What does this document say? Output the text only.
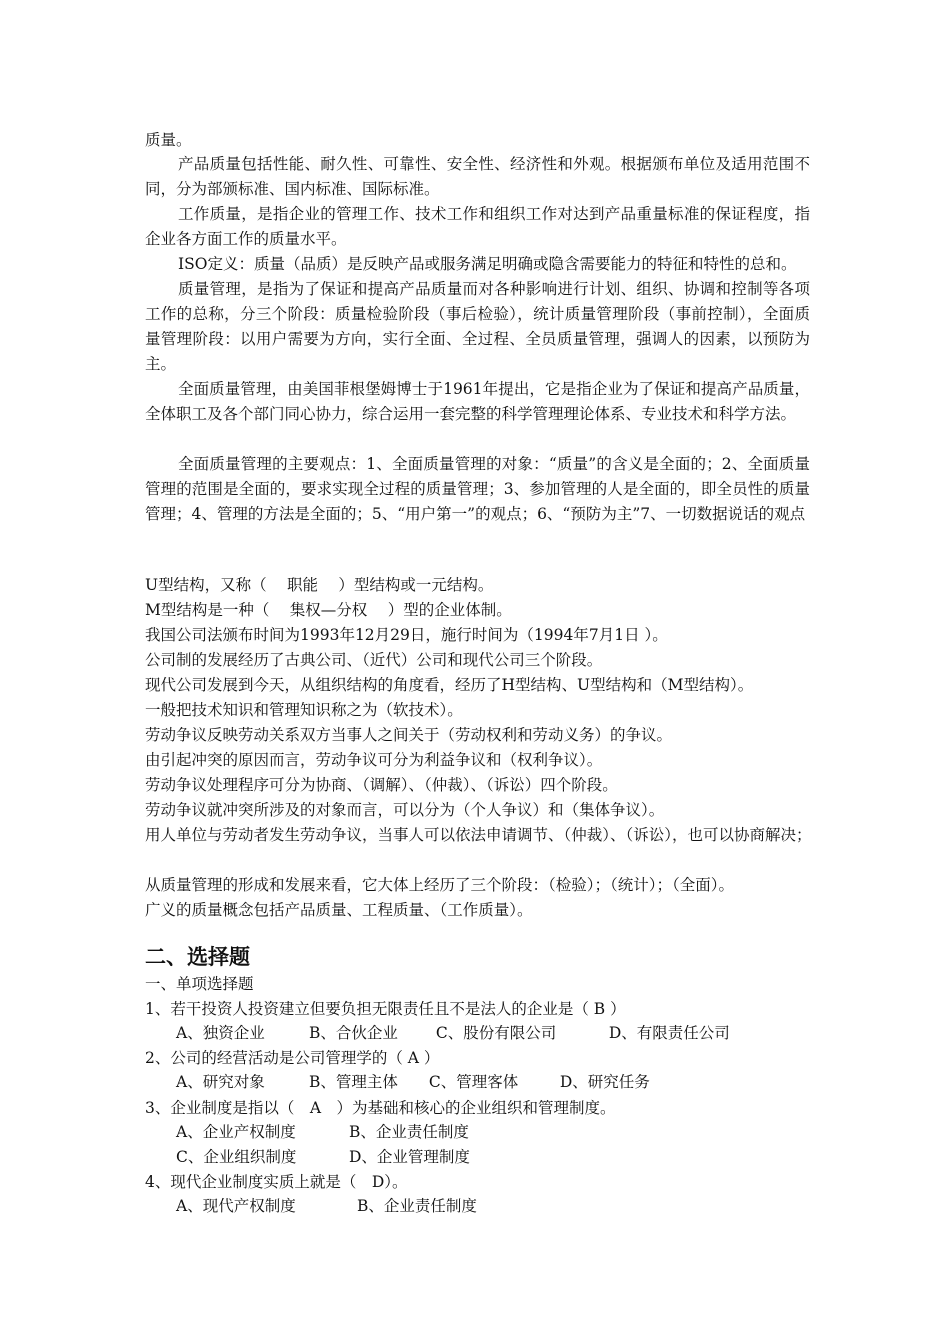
质量。

产品质量包括性能、耐久性、可靠性、安全性、经济性和外观。根据颁布单位及适用范围不同，分为部颁标准、国内标准、国际标准。

工作质量，是指企业的管理工作、技术工作和组织工作对达到产品重量标准的保证程度，指企业各方面工作的质量水平。

ISO定义：质量（品质）是反映产品或服务满足明确或隐含需要能力的特征和特性的总和。

质量管理，是指为了保证和提高产品质量而对各种影响进行计划、组织、协调和控制等各项工作的总称，分三个阶段：质量检验阶段（事后检验），统计质量管理阶段（事前控制），全面质量管理阶段：以用户需要为方向，实行全面、全过程、全员质量管理，强调人的因素，以预防为主。

全面质量管理，由美国菲根堡姆博士于1961年提出，它是指企业为了保证和提高产品质量，全体职工及各个部门同心协力，综合运用一套完整的科学管理理论体系、专业技术和科学方法。

全面质量管理的主要观点：1、全面质量管理的对象：“质量”的含义是全面的；2、全面质量管理的范围是全面的，要求实现全过程的质量管理；3、参加管理的人是全面的，即全员性的质量管理；4、管理的方法是全面的；5、“用户第一”的观点；6、“预防为主”7、一切数据说话的观点

U型结构，又称（　 职能　 ）型结构或一元结构。

M型结构是一种（　 集权—分权　 ）型的企业体制。

我国公司法颁布时间为1993年12月29日，施行时间为（1994年7月1日 ）。

公司制的发展经历了古典公司、（近代）公司和现代公司三个阶段。

现代公司发展到今天，从组织结构的角度看，经历了H型结构、U型结构和（M型结构）。

一般把技术知识和管理知识称之为（软技术）。

劳动争议反映劳动关系双方当事人之间关于（劳动权利和劳动义务）的争议。

由引起冲突的原因而言，劳动争议可分为利益争议和（权利争议）。

劳动争议处理程序可分为协商、（调解）、（仲裁）、（诉讼）四个阶段。

劳动争议就冲突所涉及的对象而言，可以分为（个人争议）和（集体争议）。

用人单位与劳动者发生劳动争议，当事人可以依法申请调节、（仲裁）、（诉讼），也可以协商解决；

从质量管理的形成和发展来看，它大体上经历了三个阶段：（检验）；（统计）；（全面）。

广义的质量概念包括产品质量、工程质量、（工作质量）。

二、选择题

一、单项选择题

1、若干投资人投资建立但要负担无限责任且不是法人的企业是（ B ）

A、独资企业	B、合伙企业 C、股份有限公司	D、有限责任公司

2、公司的经营活动是公司管理学的（ A ）

A、研究对象	B、管理主体 C、管理客体	D、研究任务

3、企业制度是指以（　A　）为基础和核心的企业组织和管理制度。

A、企业产权制度	B、企业责任制度

C、企业组织制度	D、企业管理制度

4、现代企业制度实质上就是（　D）。

A、现代产权制度	B、企业责任制度
